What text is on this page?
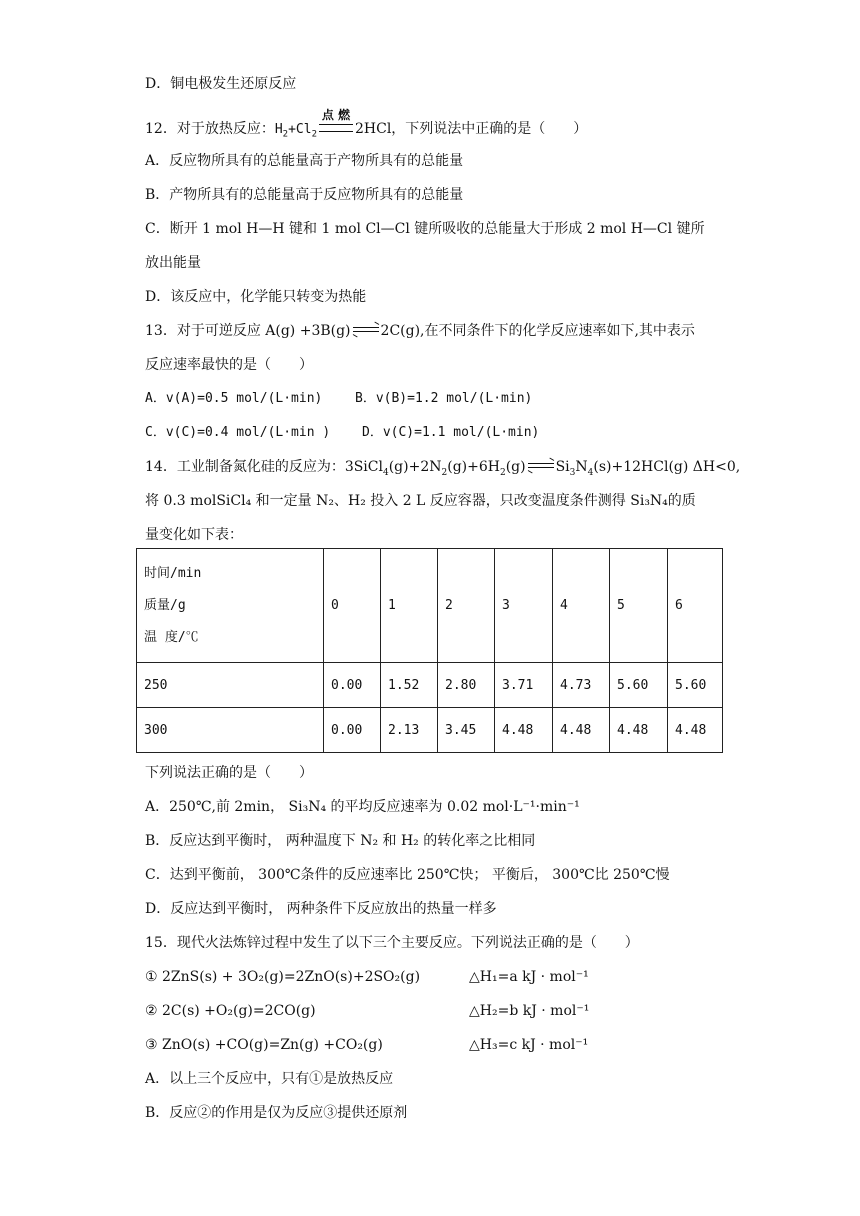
D．铜电极发生还原反应
12．对于放热反应：$H_2+Cl_2$
点 燃
2HCl，下列说法中正确的是（　　）
A．反应物所具有的总能量高于产物所具有的总能量
B．产物所具有的总能量高于反应物所具有的总能量
C．断开 1 mol H—H 键和 1 mol Cl—Cl 键所吸收的总能量大于形成 2 mol H—Cl 键所
放出能量
D．该反应中，化学能只转变为热能
13．对于可逆反应 A(g) +3B(g) 2C(g),在不同条件下的化学反应速率如下,其中表示
反应速率最快的是（　　）
A．v(A)=0.5 mol/(L·min)	B．v(B)=1.2 mol/(L·min)
C．v(C)=0.4 mol/(L·min ) D．v(C)=1.1 mol/(L·min)
14．工业制备氮化硅的反应为：$3SiCl_4(g)+2N_2(g)+6H_2(g)$ $Si_3N_4(s)+12HCl(g)$ ΔH<0,
将 0.3 molSiCl₄ 和一定量 N₂、H₂ 投入 2 L 反应容器，只改变温度条件测得 Si₃N₄的质
量变化如下表：
时间/min
质量/g
温 度/℃	0	1	2	3	4	5	6
250	0.00	1.52	2.80	3.71	4.73	5.60	5.60
300	0.00	2.13	3.45	4.48	4.48	4.48	4.48
下列说法正确的是（　　）
A．250℃,前 2min， Si₃N₄ 的平均反应速率为 0.02 mol·L⁻¹·min⁻¹
B．反应达到平衡时， 两种温度下 N₂ 和 H₂ 的转化率之比相同
C．达到平衡前， 300℃条件的反应速率比 250℃快； 平衡后， 300℃比 250℃慢
D．反应达到平衡时， 两种条件下反应放出的热量一样多
15．现代火法炼锌过程中发生了以下三个主要反应。下列说法正确的是（　　）
① 2ZnS(s) + 3O₂(g)=2ZnO(s)+2SO₂(g)	△H₁=a kJ · mol⁻¹
② 2C(s) +O₂(g)=2CO(g)	△H₂=b kJ · mol⁻¹
③ ZnO(s) +CO(g)=Zn(g) +CO₂(g)	△H₃=c kJ · mol⁻¹
A．以上三个反应中，只有①是放热反应
B．反应②的作用是仅为反应③提供还原剂
